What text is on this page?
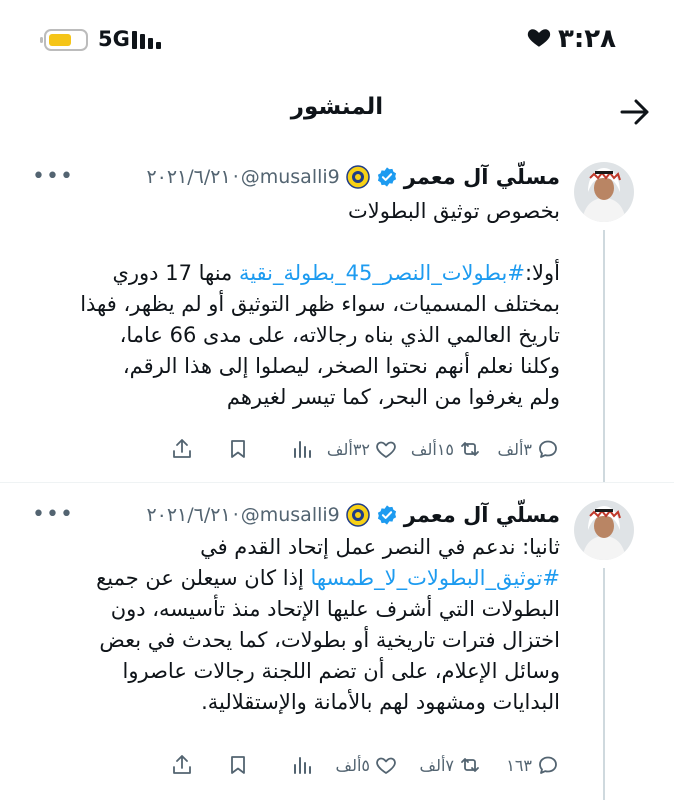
٣:٢٨
5G
المنشور
مسلّي آل معمر
@musalli9
·
٢٠٢١/٦/٢١
•••

بخصوص توثيق البطولات

أولا:#بطولات_النصر_45_بطولة_نقية منها 17 دوري

بمختلف المسميات، سواء ظهر التوثيق أو لم يظهر، فهذا

تاريخ العالمي الذي بناه رجالاته، على مدى 66 عاما،

وكلنا نعلم أنهم نحتوا الصخر، ليصلوا إلى هذا الرقم،

ولم يغرفوا من البحر، كما تيسر لغيرهم

٣ألف
١٥ألف
٣٢ألف
مسلّي آل معمر
@musalli9
·
٢٠٢١/٦/٢١
•••

ثانيا: ندعم في النصر عمل إتحاد القدم في

#توثيق_البطولات_لا_طمسها إذا كان سيعلن عن جميع

البطولات التي أشرف عليها الإتحاد منذ تأسيسه، دون

اختزال فترات تاريخية أو بطولات، كما يحدث في بعض

وسائل الإعلام، على أن تضم اللجنة رجالات عاصروا

البدايات ومشهود لهم بالأمانة والإستقلالية.

١٦٣
٧ألف
٥ألف
